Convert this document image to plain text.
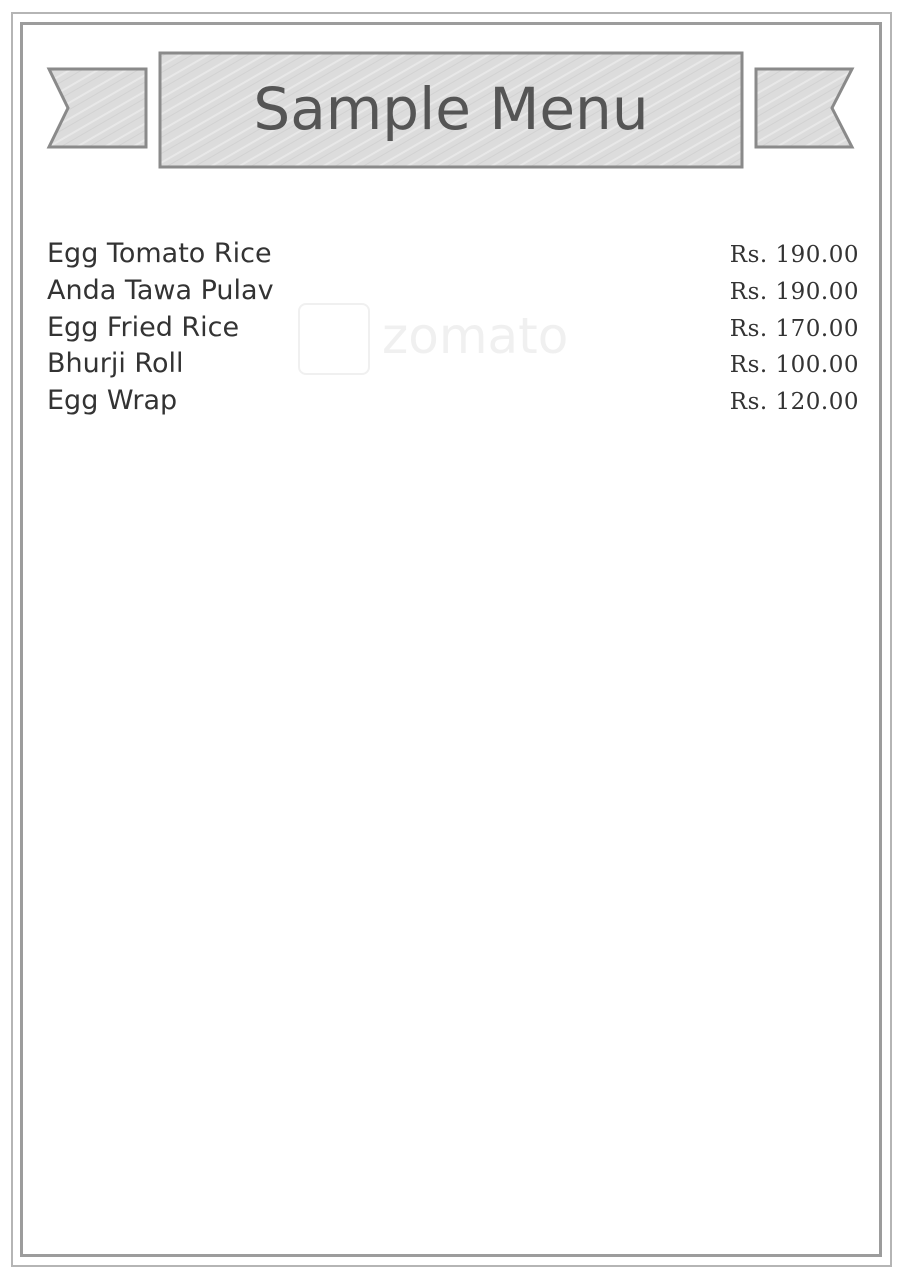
Sample Menu
zomato
Egg Tomato Rice	Rs. 190.00
Anda Tawa Pulav	Rs. 190.00
Egg Fried Rice	Rs. 170.00
Bhurji Roll	Rs. 100.00
Egg Wrap	Rs. 120.00
